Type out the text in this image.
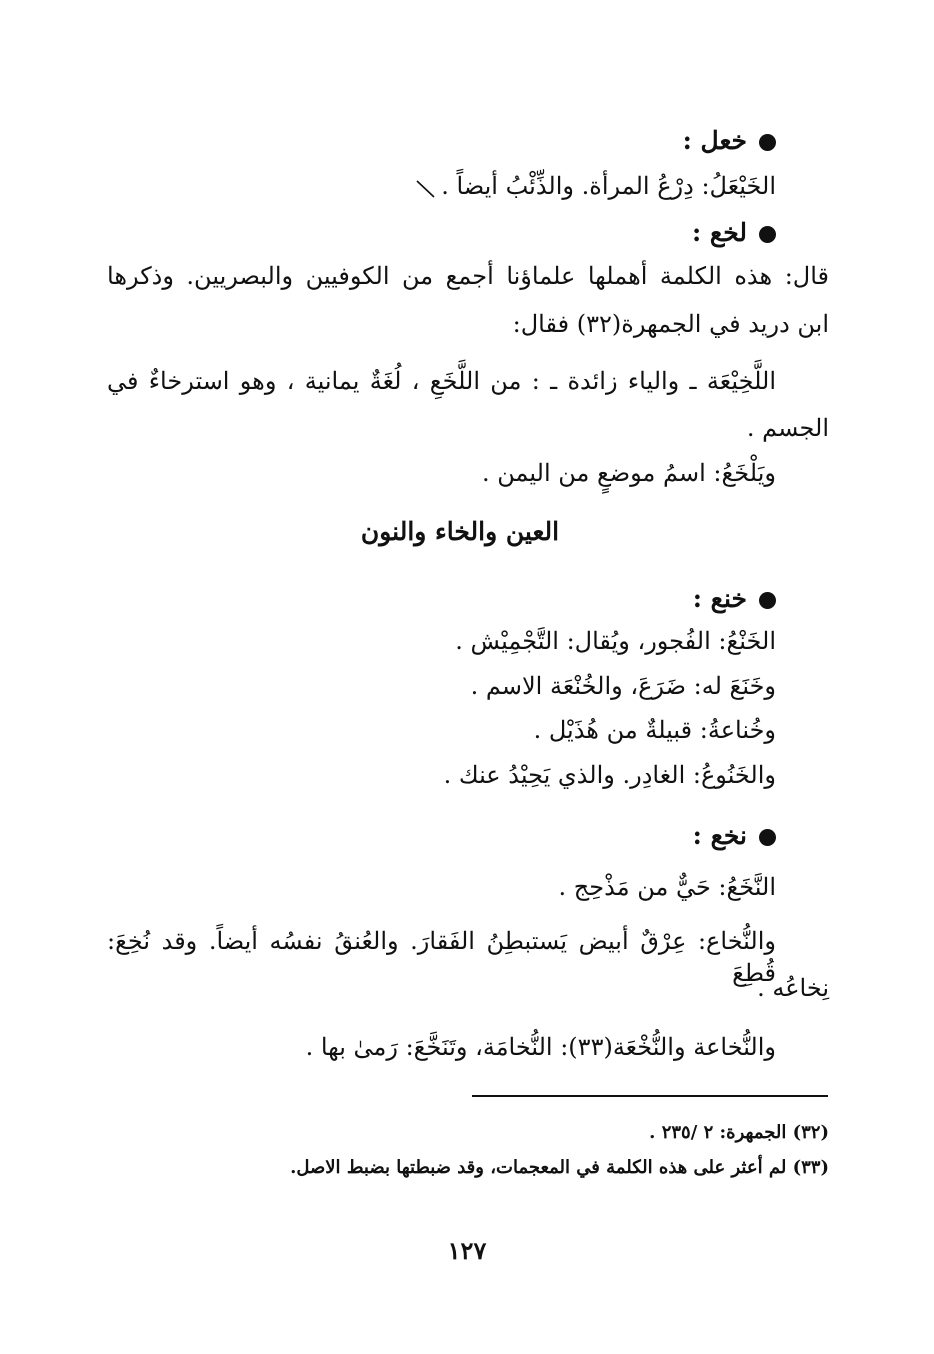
خعل :
الخَيْعَلُ: دِرْعُ المرأة. والذِّئْبُ أيضاً .
لخع :
قال: هذه الكلمة أهملها علماؤنا أجمع من الكوفيين والبصريين. وذكرها
ابن دريد في الجمهرة(٣٢) فقال:
اللَّخِيْعَة ـ والياء زائدة ـ : من اللَّخَعِ ، لُغَةٌ يمانية ، وهو استرخاءٌ في
الجسم .
ويَلْخَعُ: اسمُ موضعٍ من اليمن .
العين والخاء والنون
خنع :
الخَنْعُ: الفُجور، ويُقال: التَّجْمِيْش .
وخَنَعَ له: ضَرَعَ، والخُنْعَة الاسم .
وخُناعةُ: قبيلةٌ من هُذَيْل .
والخَنُوعُ: الغادِر. والذي يَحِيْدُ عنك .
نخع :
النَّخَعُ: حَيٌّ من مَذْحِج .
والنُّخاع: عِرْقٌ أبيض يَستبطِنُ الفَقارَ. والعُنقُ نفسُه أيضاً. وقد نُخِعَ: قُطِعَ
نِخاعُه .
والنُّخاعة والنُّخْعَة(٣٣): النُّخامَة، وتَنَخَّعَ: رَمىٰ بها .
(٣٢) الجمهرة: ٢ /٢٣٥ .
(٣٣) لم أعثر على هذه الكلمة في المعجمات، وقد ضبطتها بضبط الاصل.
١٢٧
